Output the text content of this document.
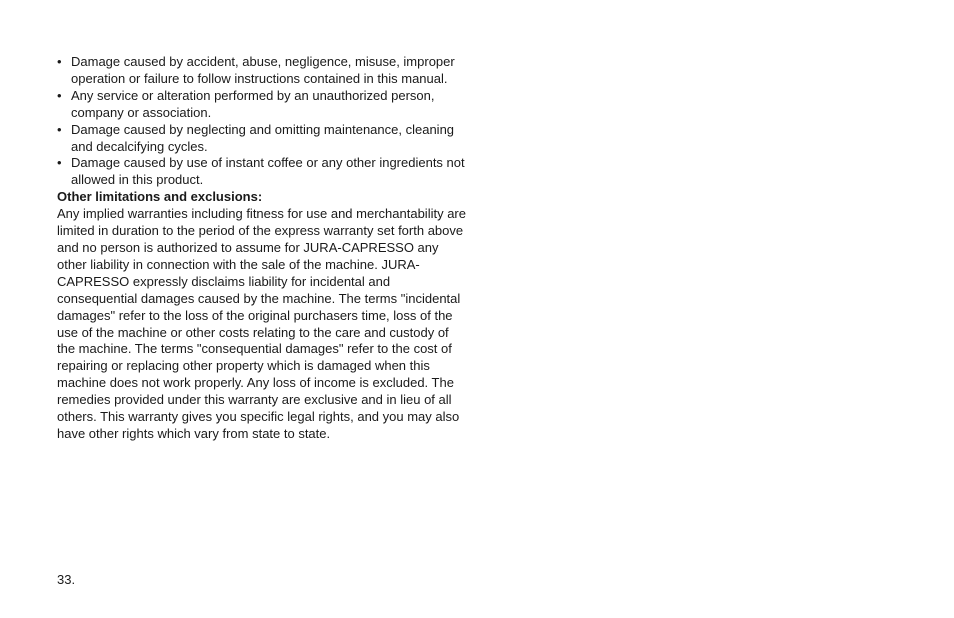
• Damage caused by accident, abuse, negligence, misuse, improper operation or failure to follow instructions contained in this manual.
• Any service or alteration performed by an unauthorized person, company or association.
• Damage caused by neglecting and omitting maintenance, cleaning and decalcifying cycles.
• Damage caused by use of instant coffee or any other ingredients not allowed in this product.

Other limitations and exclusions:

Any implied warranties including fitness for use and merchantability are limited in duration to the period of the express warranty set forth above and no person is authorized to assume for JURA-CAPRESSO any other liability in connection with the sale of the machine. JURA-CAPRESSO expressly disclaims liability for incidental and consequential damages caused by the machine. The terms "incidental damages" refer to the loss of the original purchasers time, loss of the use of the machine or other costs relating to the care and custody of the machine. The terms "consequential damages" refer to the cost of repairing or replacing other property which is damaged when this machine does not work properly. Any loss of income is excluded. The remedies provided under this warranty are exclusive and in lieu of all others. This warranty gives you specific legal rights, and you may also have other rights which vary from state to state.

33.
